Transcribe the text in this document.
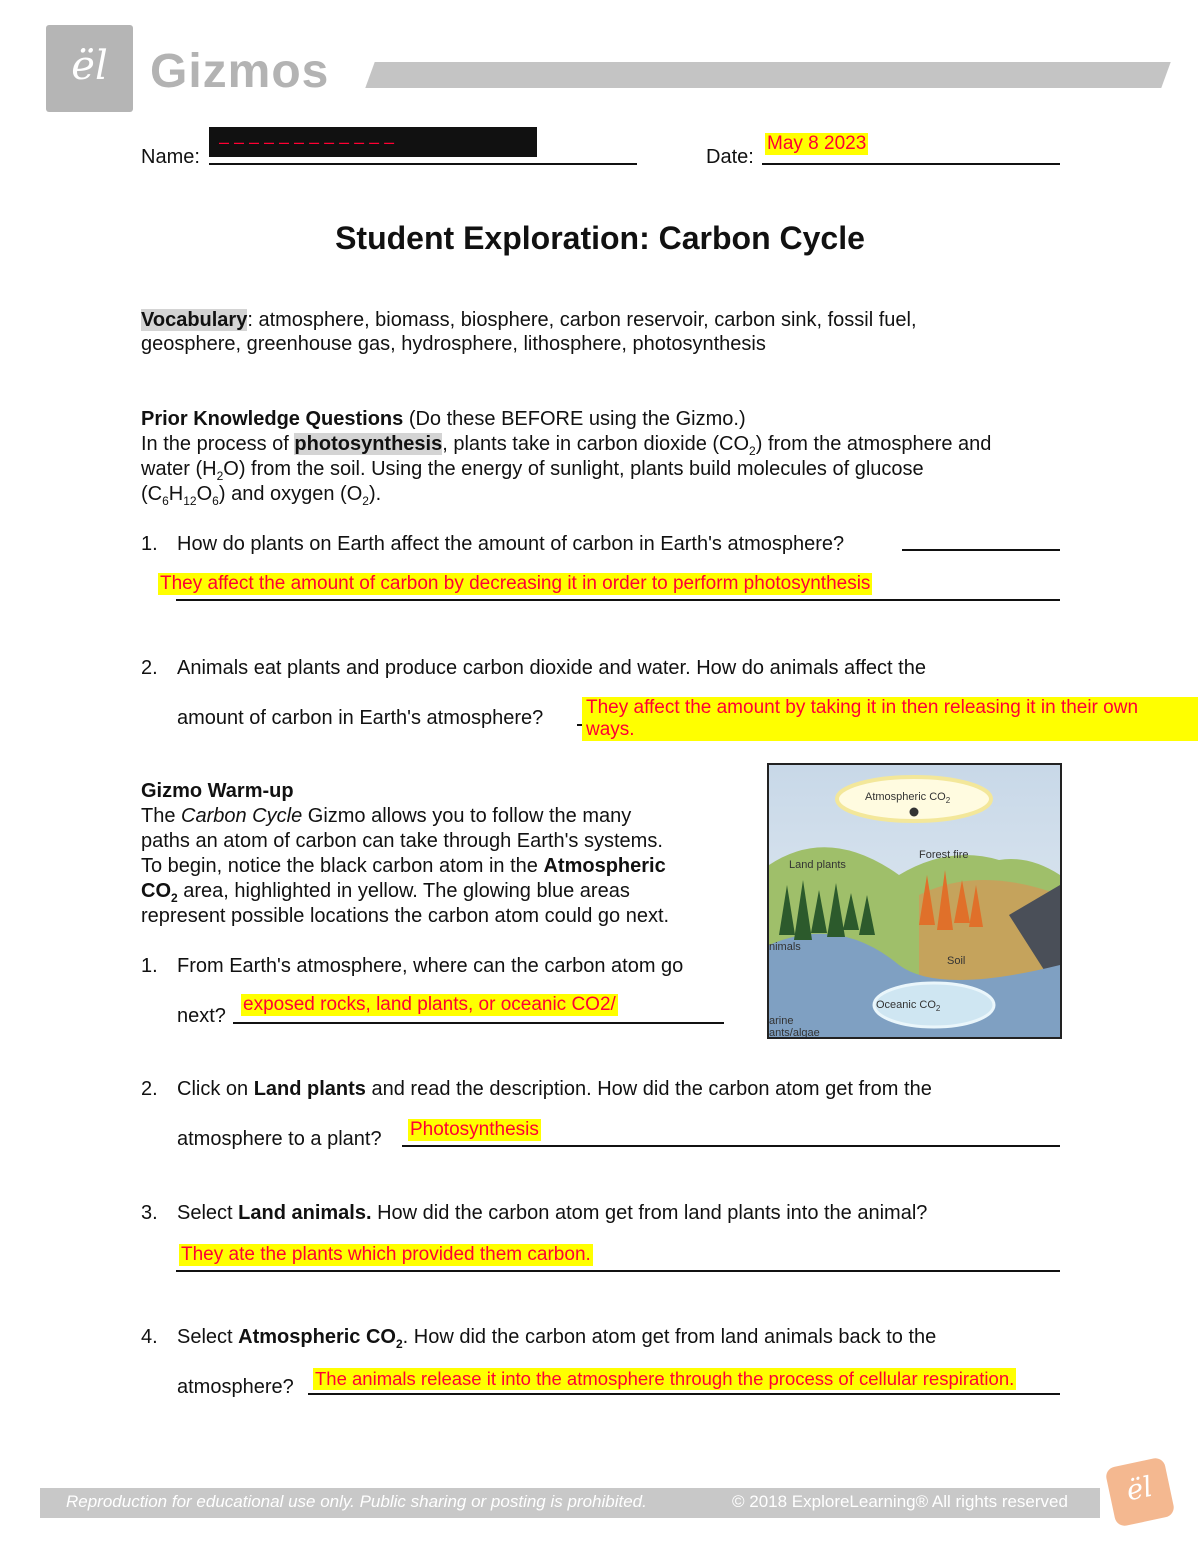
ël Gizmos
Name:
– – – – – – – – – – – –
Date:
May 8 2023
Student Exploration: Carbon Cycle
Vocabulary: atmosphere, biomass, biosphere, carbon reservoir, carbon sink, fossil fuel,
geosphere, greenhouse gas, hydrosphere, lithosphere, photosynthesis
Prior Knowledge Questions (Do these BEFORE using the Gizmo.)
In the process of photosynthesis, plants take in carbon dioxide $(CO_2)$ from the atmosphere and
water $(H_2O)$ from the soil. Using the energy of sunlight, plants build molecules of glucose
$(C_6H_{12}O_6)$ and oxygen $(O_2)$.
1. How do plants on Earth affect the amount of carbon in Earth's atmosphere?
They affect the amount of carbon by decreasing it in order to perform photosynthesis
2. Animals eat plants and produce carbon dioxide and water. How do animals affect the
amount of carbon in Earth's atmosphere? They affect the amount by taking it in then releasing it in their own
ways.
Gizmo Warm-up
The Carbon Cycle Gizmo allows you to follow the many
paths an atom of carbon can take through Earth's systems.
To begin, notice the black carbon atom in the Atmospheric
$CO_2$ area, highlighted in yellow. The glowing blue areas
represent possible locations the carbon atom could go next.
1. From Earth's atmosphere, where can the carbon atom go
next?
exposed rocks, land plants, or oceanic CO2/
Atmospheric $CO_2$
Land plants
Forest fire
nimals
Soil
Oceanic $CO_2$
arine
ants/algae
2. Click on Land plants and read the description. How did the carbon atom get from the
atmosphere to a plant? Photosynthesis
3. Select Land animals. How did the carbon atom get from land plants into the animal?
They ate the plants which provided them carbon.
4. Select Atmospheric $CO_2$. How did the carbon atom get from land animals back to the
atmosphere? The animals release it into the atmosphere through the process of cellular respiration.
Reproduction for educational use only. Public sharing or posting is prohibited.	© 2018 ExploreLearning® All rights reserved	ël
